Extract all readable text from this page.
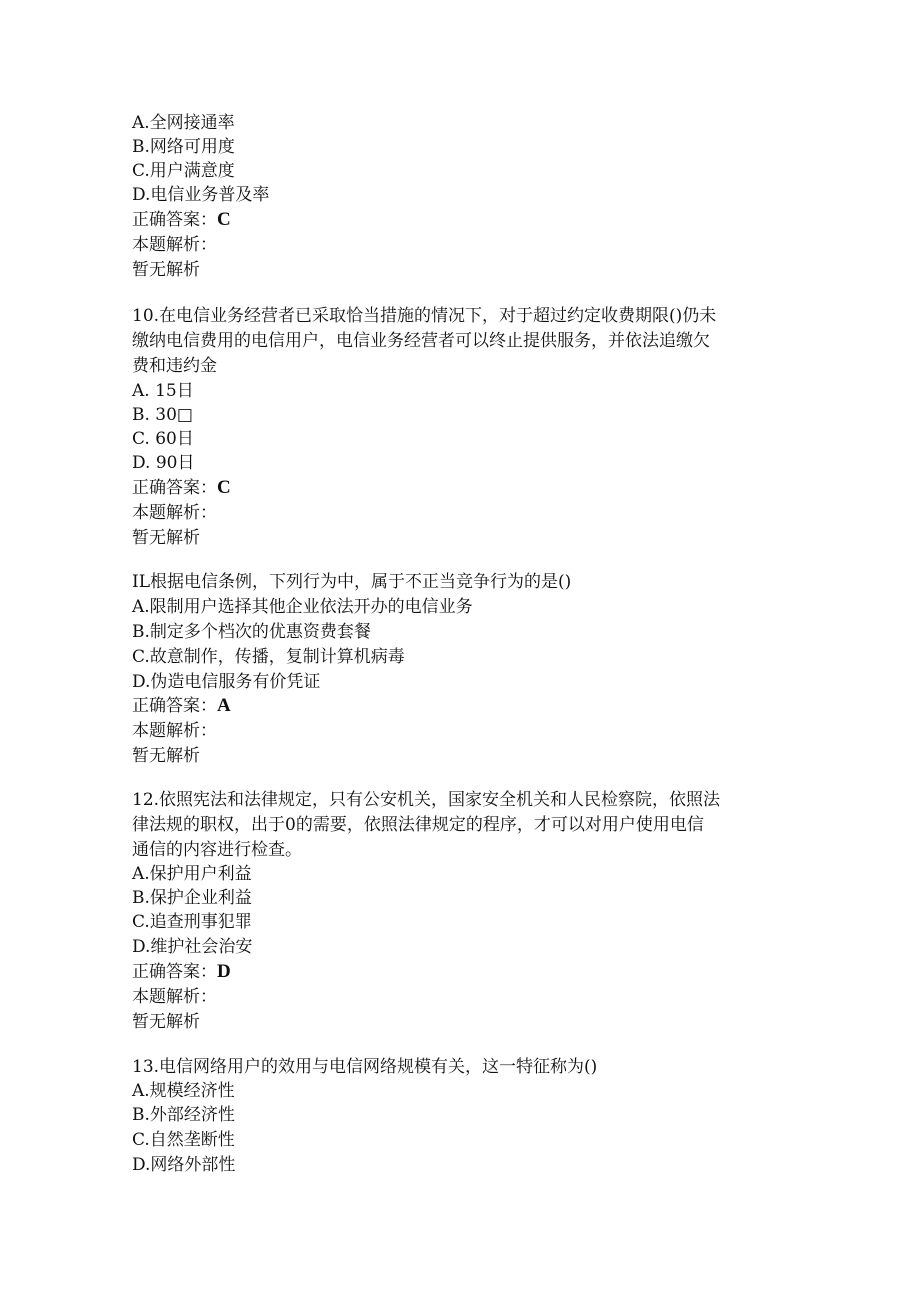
A.全网接通率
B.网络可用度
C.用户满意度
D.电信业务普及率
正确答案：C
本题解析：
暂无解析
10.在电信业务经营者已采取恰当措施的情况下，对于超过约定收费期限()仍未
缴纳电信费用的电信用户，电信业务经营者可以终止提供服务，并依法追缴欠
费和违约金
A. 15日
B. 30□
C. 60日
D. 90日
正确答案：C
本题解析：
暂无解析
IL根据电信条例，下列行为中，属于不正当竞争行为的是()
A.限制用户选择其他企业依法开办的电信业务
B.制定多个档次的优惠资费套餐
C.故意制作，传播，复制计算机病毒
D.伪造电信服务有价凭证
正确答案：A
本题解析：
暂无解析
12.依照宪法和法律规定，只有公安机关，国家安全机关和人民检察院，依照法
律法规的职权，出于0的需要，依照法律规定的程序，才可以对用户使用电信
通信的内容进行检查。
A.保护用户利益
B.保护企业利益
C.追查刑事犯罪
D.维护社会治安
正确答案：D
本题解析：
暂无解析
13.电信网络用户的效用与电信网络规模有关，这一特征称为()
A.规模经济性
B.外部经济性
C.自然垄断性
D.网络外部性
